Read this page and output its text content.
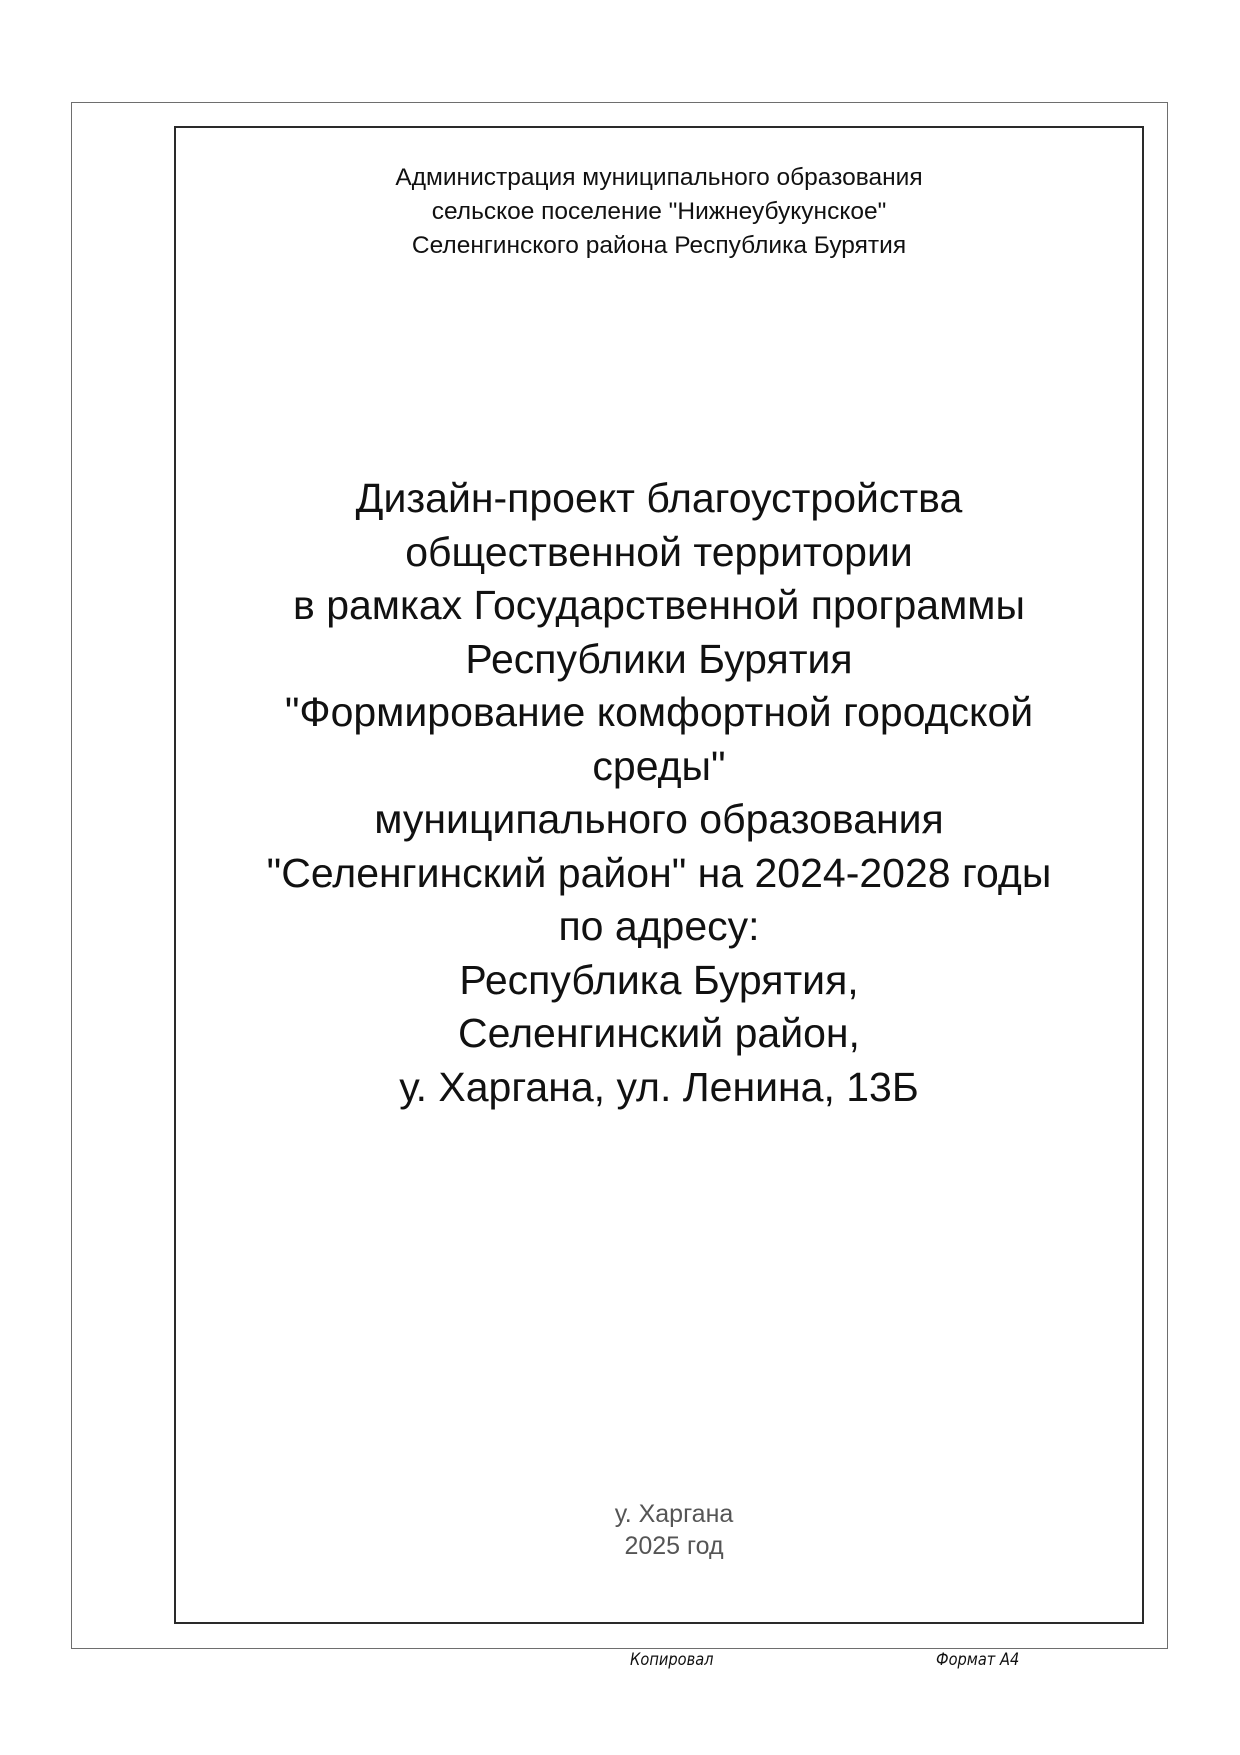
Администрация муниципального образования
сельское поселение "Нижнеубукунское"
Селенгинского района Республика Бурятия
Дизайн-проект благоустройства
общественной территории
в рамках Государственной программы
Республики Бурятия
"Формирование комфортной городской
среды"
муниципального образования
"Селенгинский район" на 2024-2028 годы
по адресу:
Республика Бурятия,
Селенгинский район,
у. Харгана, ул. Ленина, 13Б
у. Харгана
2025 год
Копировал	Формат А4
